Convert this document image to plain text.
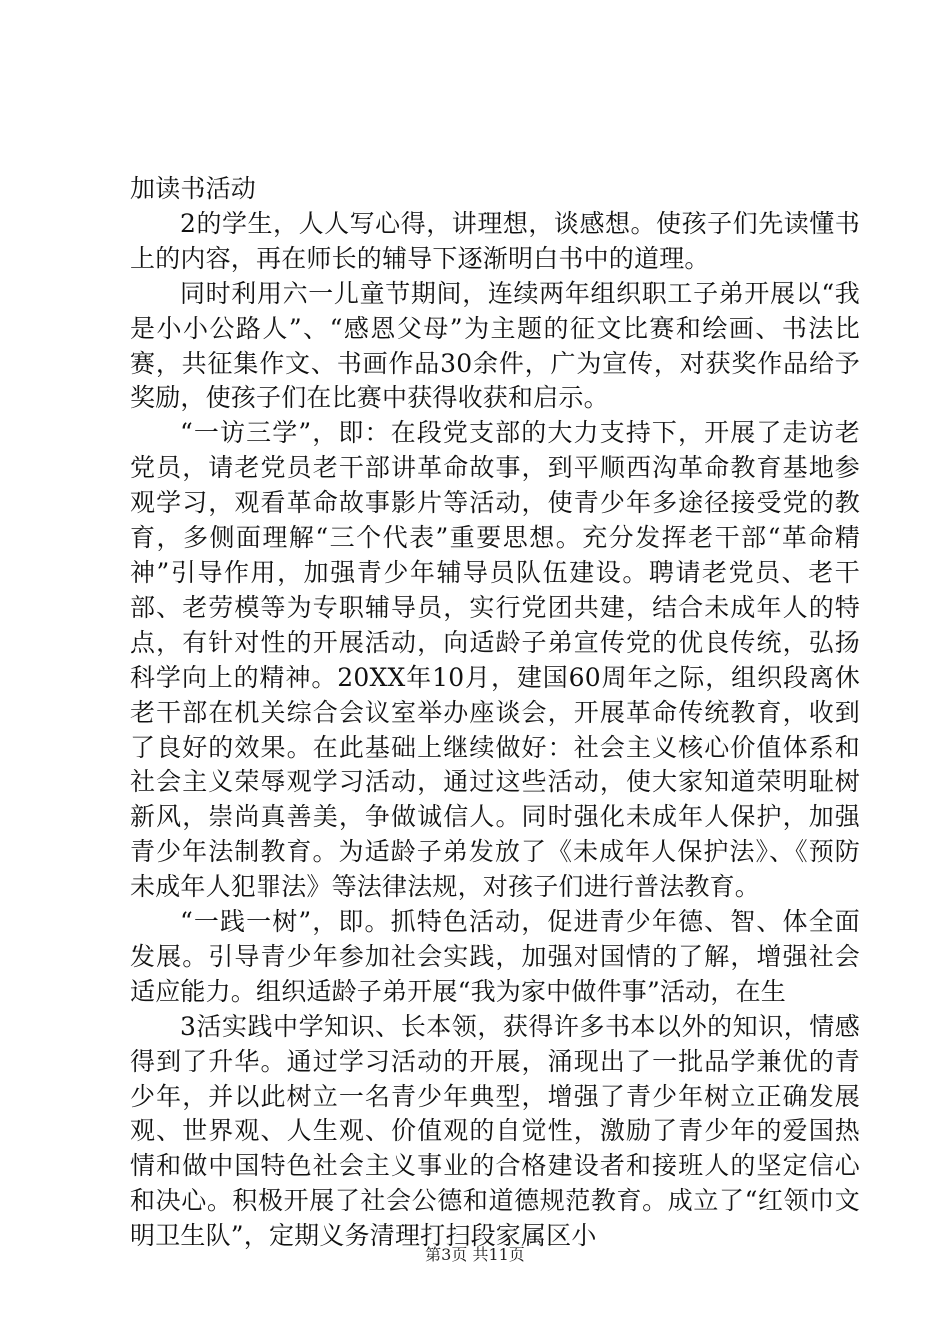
加读书活动

2的学生，人人写心得，讲理想，谈感想。使孩子们先读懂书上的内容，再在师长的辅导下逐渐明白书中的道理。

同时利用六一儿童节期间，连续两年组织职工子弟开展以“我是小小公路人”、“感恩父母”为主题的征文比赛和绘画、书法比赛，共征集作文、书画作品30余件，广为宣传，对获奖作品给予奖励，使孩子们在比赛中获得收获和启示。

“一访三学”，即：在段党支部的大力支持下，开展了走访老党员，请老党员老干部讲革命故事，到平顺西沟革命教育基地参观学习，观看革命故事影片等活动，使青少年多途径接受党的教育，多侧面理解“三个代表”重要思想。充分发挥老干部“革命精神”引导作用，加强青少年辅导员队伍建设。聘请老党员、老干部、老劳模等为专职辅导员，实行党团共建，结合未成年人的特点，有针对性的开展活动，向适龄子弟宣传党的优良传统，弘扬科学向上的精神。20XX年10月，建国60周年之际，组织段离休老干部在机关综合会议室举办座谈会，开展革命传统教育，收到了良好的效果。在此基础上继续做好：社会主义核心价值体系和社会主义荣辱观学习活动，通过这些活动，使大家知道荣明耻树新风，崇尚真善美，争做诚信人。同时强化未成年人保护，加强青少年法制教育。为适龄子弟发放了《未成年人保护法》、《预防未成年人犯罪法》等法律法规，对孩子们进行普法教育。

“一践一树”，即。抓特色活动，促进青少年德、智、体全面发展。引导青少年参加社会实践，加强对国情的了解，增强社会适应能力。组织适龄子弟开展“我为家中做件事”活动，在生

3活实践中学知识、长本领，获得许多书本以外的知识，情感得到了升华。通过学习活动的开展，涌现出了一批品学兼优的青少年，并以此树立一名青少年典型，增强了青少年树立正确发展观、世界观、人生观、价值观的自觉性，激励了青少年的爱国热情和做中国特色社会主义事业的合格建设者和接班人的坚定信心和决心。积极开展了社会公德和道德规范教育。成立了“红领巾文明卫生队”，定期义务清理打扫段家属区小

第3页 共11页
